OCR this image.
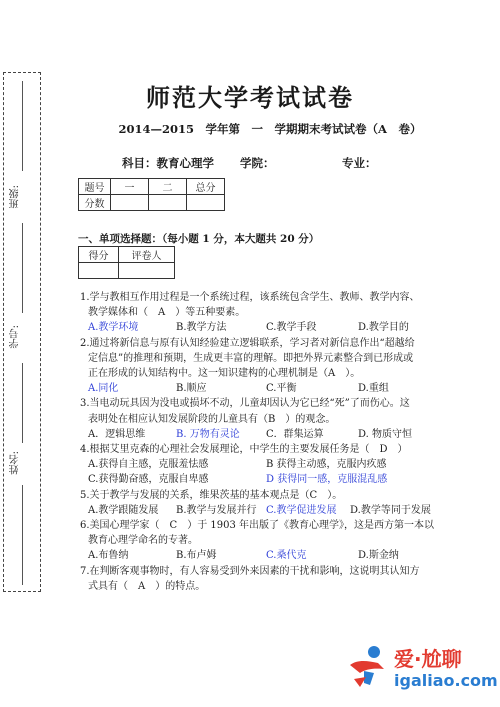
班级:
学号:
姓名:
师范大学考试试卷
2014—2015　学年第　一　学期期末考试试卷（A　卷）
科目：教育心理学 学院：	专业：
题号	一	二	总分
分数			
一、单项选择题：（每小题 1 分，本大题共 20 分）
得分	评卷人

1.学与教相互作用过程是一个系统过程，该系统包含学生、教师、教学内容、
教学媒体和（　A　）等五种要素。
A.教学环境	B.教学方法	C.教学手段	D.教学目的
2.通过将新信息与原有认知经验建立逻辑联系，学习者对新信息作出“超越给
定信息”的推理和预期，生成更丰富的理解。即把外界元素整合到已形成或
正在形成的认知结构中。这一知识建构的心理机制是（A　）。
A.同化	B.顺应	C.平衡	D.重组
3.当电动玩具因为没电或损坏不动，儿童却因认为它已经“死”了而伤心。这
表明处在相应认知发展阶段的儿童具有（B　）的观念。
A．逻辑思维	B. 万物有灵论	C．群集运算	D. 物质守恒
4.根据艾里克森的心理社会发展理论，中学生的主要发展任务是（　D　）
A.获得自主感，克服羞怯感	B 获得主动感，克服内疚感
C.获得勤奋感，克服自卑感	D 获得同一感，克服混乱感
5.关于教学与发展的关系，维果茨基的基本观点是（C　）。
A.教学跟随发展	B.教学与发展并行 C.教学促进发展	D.教学等同于发展
6.美国心理学家（　C　）于 1903 年出版了《教育心理学》，这是西方第一本以
教育心理学命名的专著。
A.布鲁纳	B.布卢姆	C.桑代克	D.斯金纳
7.在判断客观事物时，有人容易受到外来因素的干扰和影响，这说明其认知方
式具有（　A　）的特点。
爱·尬聊
igaliao.com
